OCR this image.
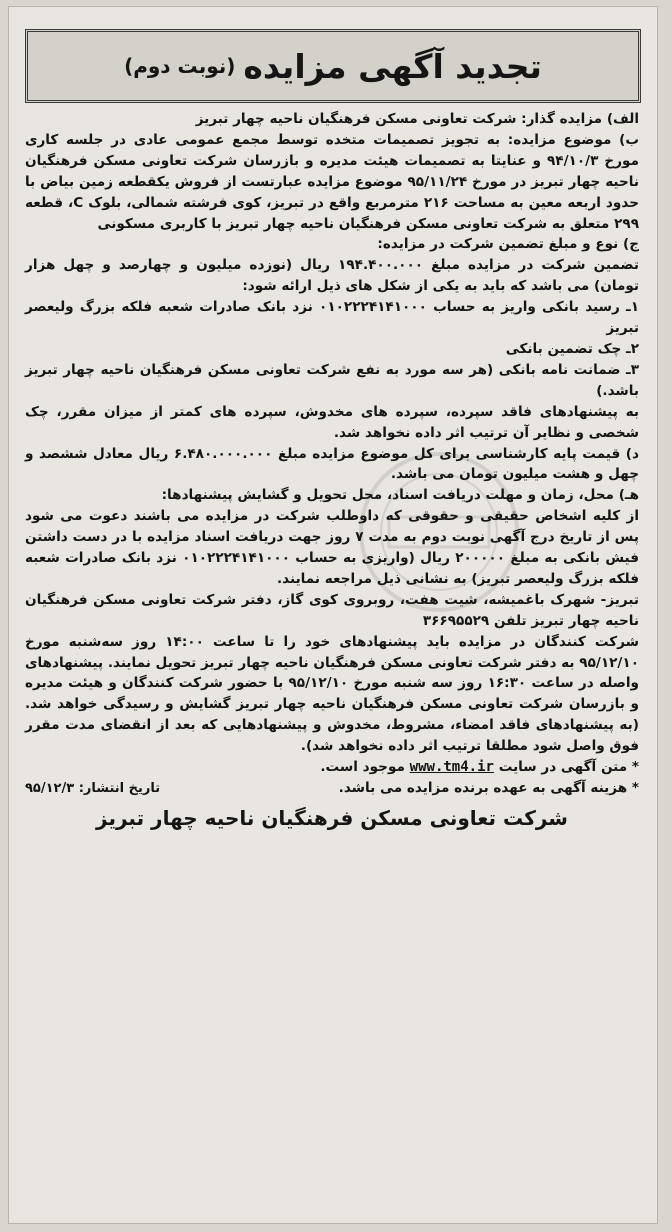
تجدید آگهی مزایده
(نوبت دوم)

الف) مزایده گذار: شرکت تعاونی مسکن فرهنگیان ناحیه چهار تبریز

ب) موضوع مزایده: به تجویز تصمیمات متخده توسط مجمع عمومی عادی در جلسه کاری مورخ ۹۴/۱۰/۳ و عنایتا به تصمیمات هیئت مدیره و بازرسان شرکت تعاونی مسکن فرهنگیان ناحیه چهار تبریز در مورخ ۹۵/۱۱/۲۴ موضوع مزایده عبارتست از فروش یکقطعه زمین بیاض با حدود اربعه معین به مساحت ۲۱۶ مترمربع واقع در تبریز، کوی فرشته شمالی، بلوک C، قطعه ۲۹۹ متعلق به شرکت تعاونی مسکن فرهنگیان ناحیه چهار تبریز با کاربری مسکونی

ج) نوع و مبلغ تضمین شرکت در مزایده:

تضمین شرکت در مزایده مبلغ ۱۹۴.۴۰۰.۰۰۰ ریال (نوزده میلیون و چهارصد و چهل هزار تومان) می باشد که باید به یکی از شکل های ذیل ارائه شود:

۱ـ رسید بانکی واریز به حساب ۰۱۰۲۲۲۴۱۴۱۰۰۰ نزد بانک صادرات شعبه فلکه بزرگ ولیعصر تبریز

۲ـ چک تضمین بانکی

۳ـ ضمانت نامه بانکی (هر سه مورد به نفع شرکت تعاونی مسکن فرهنگیان ناحیه چهار تبریز باشد.)

به پیشنهادهای فاقد سپرده، سپرده های مخدوش، سپرده های کمتر از میزان مقرر، چک شخصی و نظایر آن ترتیب اثر داده نخواهد شد.

د) قیمت پایه کارشناسی برای کل موضوع مزایده مبلغ ۶.۴۸۰.۰۰۰.۰۰۰ ریال معادل ششصد و چهل و هشت میلیون تومان می باشد.

هـ) محل، زمان و مهلت دریافت اسناد، محل تحویل و گشایش پیشنهادها:

از کلیه اشخاص حقیقی و حقوقی که داوطلب شرکت در مزایده می باشند دعوت می شود پس از تاریخ درج آگهی نوبت دوم به مدت ۷ روز جهت دریافت اسناد مزایده با در دست داشتن فیش بانکی به مبلغ ۲۰۰۰۰۰ ریال (واریزی به حساب ۰۱۰۲۲۲۴۱۴۱۰۰۰ نزد بانک صادرات شعبه فلکه بزرگ ولیعصر تبریز) به نشانی ذیل مراجعه نمایند.

تبریز- شهرک باغمیشه، شیت هفت، روبروی کوی گاز، دفتر شرکت تعاونی مسکن فرهنگیان ناحیه چهار تبریز تلفن ۳۶۶۹۵۵۲۹

شرکت کنندگان در مزایده باید پیشنهادهای خود را تا ساعت ۱۴:۰۰ روز سه‌شنبه مورخ ۹۵/۱۲/۱۰ به دفتر شرکت تعاونی مسکن فرهنگیان ناحیه چهار تبریز تحویل نمایند. پیشنهادهای واصله در ساعت ۱۶:۳۰ روز سه شنبه مورخ ۹۵/۱۲/۱۰ با حضور شرکت کنندگان و هیئت مدیره و بازرسان شرکت تعاونی مسکن فرهنگیان ناحیه چهار تبریز گشایش و رسیدگی خواهد شد. (به پیشنهادهای فاقد امضاء، مشروط، مخدوش و پیشنهادهایی که بعد از انقضای مدت مقرر فوق واصل شود مطلقا ترتیب اثر داده نخواهد شد).

* متن آگهی در سایت www.tm4.ir موجود است.

* هزینه آگهی به عهده برنده مزایده می باشد.
تاریخ انتشار: ۹۵/۱۲/۳
شرکت تعاونی مسکن فرهنگیان ناحیه چهار تبریز
